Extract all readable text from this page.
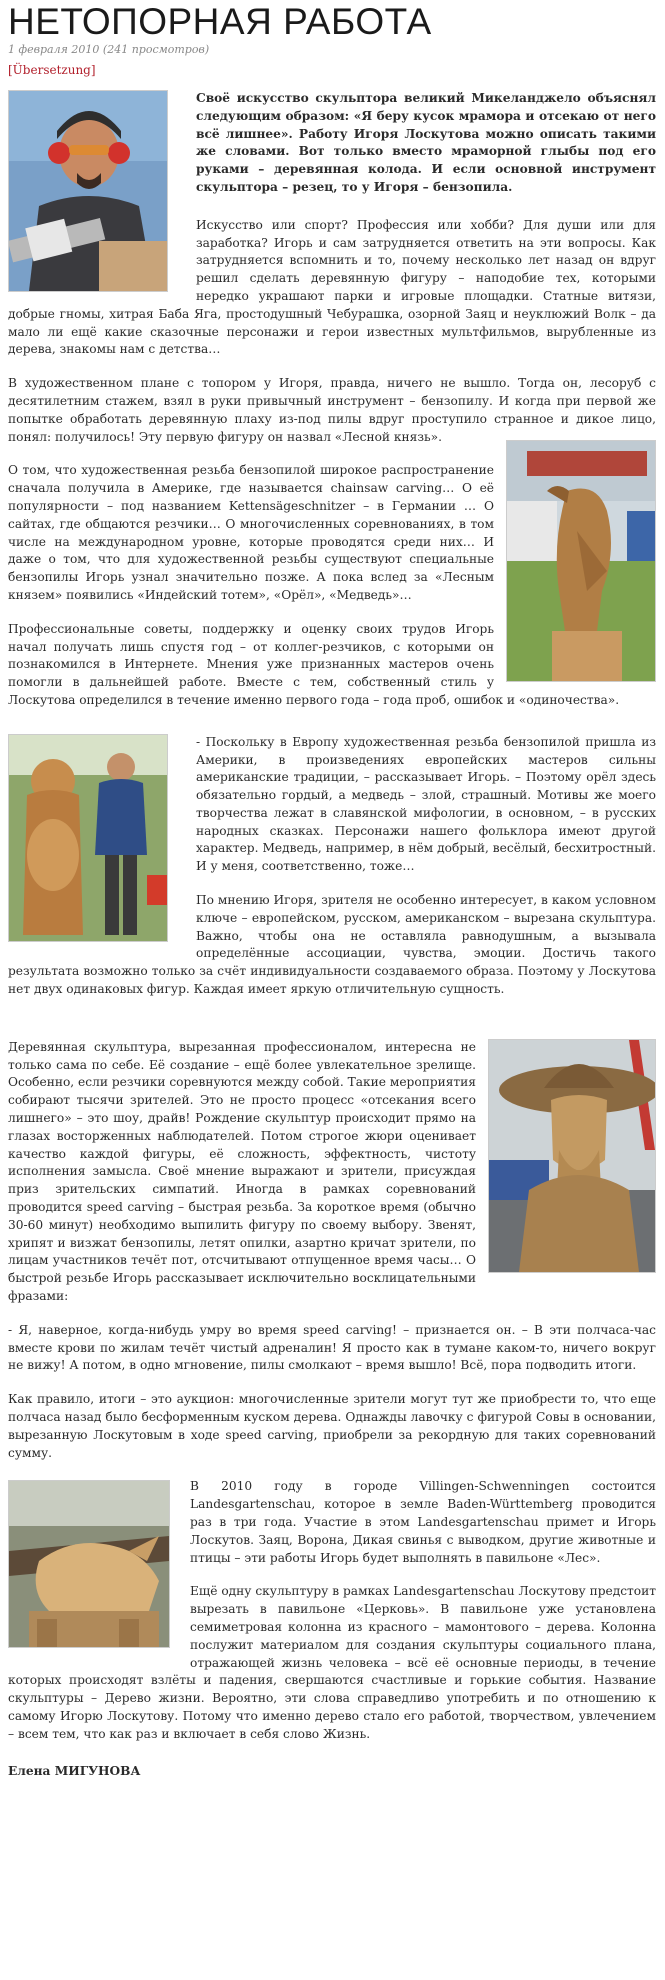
НЕТОПОРНАЯ РАБОТА
1 февраля 2010 (241 просмотров)
[Übersetzung]

Своё искусство скульптора великий Микеланджело объяснял следующим образом: «Я беру кусок мрамора и отсекаю от него всё лишнее». Работу Игоря Лоскутова можно описать такими же словами. Вот только вместо мраморной глыбы под его руками – деревянная колода. И если основной инструмент скульптора – резец, то у Игоря – бензопила.

Искусство или спорт? Профессия или хобби? Для души или для заработка? Игорь и сам затрудняется ответить на эти вопросы. Как затрудняется вспомнить и то, почему несколько лет назад он вдруг решил сделать деревянную фигуру – наподобие тех, которыми нередко украшают парки и игровые площадки. Статные витязи, добрые гномы, хитрая Баба Яга, простодушный Чебурашка, озорной Заяц и неуклюжий Волк – да мало ли ещё какие сказочные персонажи и герои известных мультфильмов, вырубленные из дерева, знакомы нам с детства…

В художественном плане с топором у Игоря, правда, ничего не вышло. Тогда он, лесоруб с десятилетним стажем, взял в руки привычный инструмент – бензопилу. И когда при первой же попытке обработать деревянную плаху из-под пилы вдруг проступило странное и дикое лицо, понял: получилось! Эту первую фигуру он назвал «Лесной князь».

О том, что художественная резьба бензопилой широкое распространение сначала получила в Америке, где называется chainsaw carving… О её популярности – под названием Kettensägeschnitzer – в Германии … О сайтах, где общаются резчики… О многочисленных соревнованиях, в том числе на международном уровне, которые проводятся среди них… И даже о том, что для художественной резьбы существуют специальные бензопилы Игорь узнал значительно позже. А пока вслед за «Лесным князем» появились «Индейский тотем», «Орёл», «Медведь»…

Профессиональные советы, поддержку и оценку своих трудов Игорь начал получать лишь спустя год – от коллег-резчиков, с которыми он познакомился в Интернете. Мнения уже признанных мастеров очень помогли в дальнейшей работе. Вместе с тем, собственный стиль у Лоскутова определился в течение именно первого года – года проб, ошибок и «одиночества».

- Поскольку в Европу художественная резьба бензопилой пришла из Америки, в произведениях европейских мастеров сильны американские традиции, – рассказывает Игорь. – Поэтому орёл здесь обязательно гордый, а медведь – злой, страшный. Мотивы же моего творчества лежат в славянской мифологии, в основном, – в русских народных сказках. Персонажи нашего фольклора имеют другой характер. Медведь, например, в нём добрый, весёлый, бесхитростный. И у меня, соответственно, тоже…

По мнению Игоря, зрителя не особенно интересует, в каком условном ключе – европейском, русском, американском – вырезана скульптура. Важно, чтобы она не оставляла равнодушным, а вызывала определённые ассоциации, чувства, эмоции. Достичь такого результата возможно только за счёт индивидуальности создаваемого образа. Поэтому у Лоскутова нет двух одинаковых фигур. Каждая имеет яркую отличительную сущность.

Деревянная скульптура, вырезанная профессионалом, интересна не только сама по себе. Её создание – ещё более увлекательное зрелище. Особенно, если резчики соревнуются между собой. Такие мероприятия собирают тысячи зрителей. Это не просто процесс «отсекания всего лишнего» – это шоу, драйв! Рождение скульптур происходит прямо на глазах восторженных наблюдателей. Потом строгое жюри оценивает качество каждой фигуры, её сложность, эффектность, чистоту исполнения замысла. Своё мнение выражают и зрители, присуждая приз зрительских симпатий. Иногда в рамках соревнований проводится speed carving – быстрая резьба. За короткое время (обычно 30-60 минут) необходимо выпилить фигуру по своему выбору. Звенят, хрипят и визжат бензопилы, летят опилки, азартно кричат зрители, по лицам участников течёт пот, отсчитывают отпущенное время часы… О быстрой резьбе Игорь рассказывает исключительно восклицательными фразами:

- Я, наверное, когда-нибудь умру во время speed carving! – признается он. – В эти полчаса-час вместе крови по жилам течёт чистый адреналин! Я просто как в тумане каком-то, ничего вокруг не вижу! А потом, в одно мгновение, пилы смолкают – время вышло! Всё, пора подводить итоги.

Как правило, итоги – это аукцион: многочисленные зрители могут тут же приобрести то, что еще полчаса назад было бесформенным куском дерева. Однажды лавочку с фигурой Совы в основании, вырезанную Лоскутовым в ходе speed carving, приобрели за рекордную для таких соревнований сумму.

В 2010 году в городе Villingen-Schwenningen состоится Landesgartenschau, которое в земле Baden-Württemberg проводится раз в три года. Участие в этом Landesgartenschau примет и Игорь Лоскутов. Заяц, Ворона, Дикая свинья с выводком, другие животные и птицы – эти работы Игорь будет выполнять в павильоне «Лес».

Ещё одну скульптуру в рамках Landesgartenschau Лоскутову предстоит вырезать в павильоне «Церковь». В павильоне уже установлена семиметровая колонна из красного – мамонтового – дерева. Колонна послужит материалом для создания скульптуры социального плана, отражающей жизнь человека – всё её основные периоды, в течение которых происходят взлёты и падения, свершаются счастливые и горькие события. Название скульптуры – Дерево жизни. Вероятно, эти слова справедливо употребить и по отношению к самому Игорю Лоскутову. Потому что именно дерево стало его работой, творчеством, увлечением – всем тем, что как раз и включает в себя слово Жизнь.

Елена МИГУНОВА
